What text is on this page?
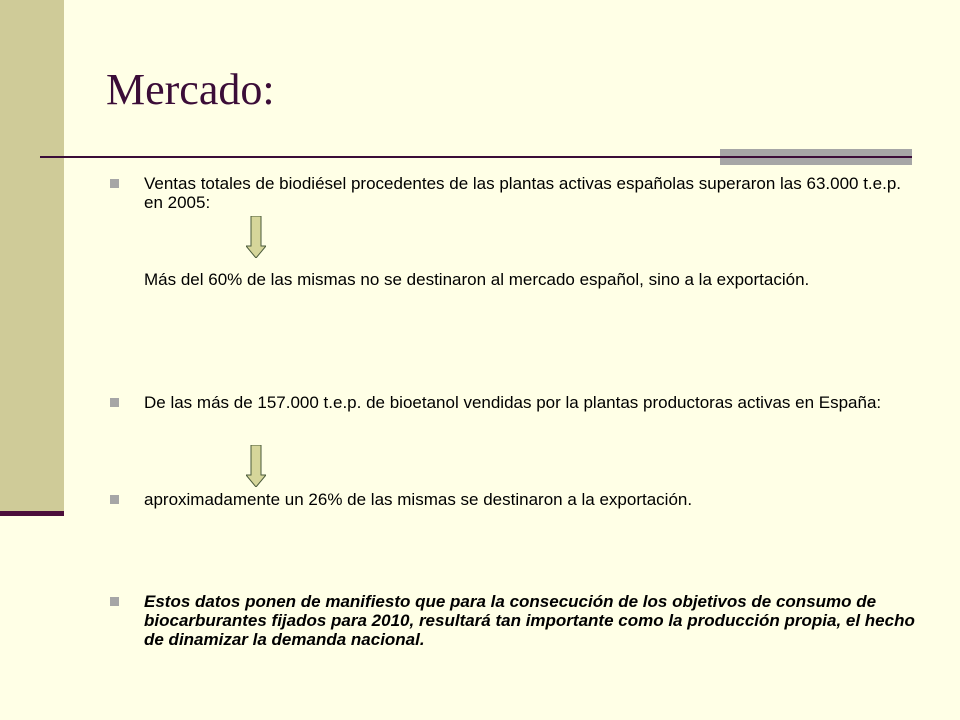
Mercado:

Ventas totales de biodiésel procedentes de las plantas activas españolas superaron las 63.000 t.e.p. en 2005:

Más del 60% de las mismas no se destinaron al mercado español, sino a la exportación.

De las más de 157.000 t.e.p. de bioetanol vendidas por la plantas productoras activas en España:

aproximadamente un 26% de las mismas se destinaron a la exportación.

Estos datos ponen de manifiesto que para la consecución de los objetivos de consumo de biocarburantes fijados para 2010, resultará tan importante como la producción propia, el hecho de dinamizar la demanda nacional.
